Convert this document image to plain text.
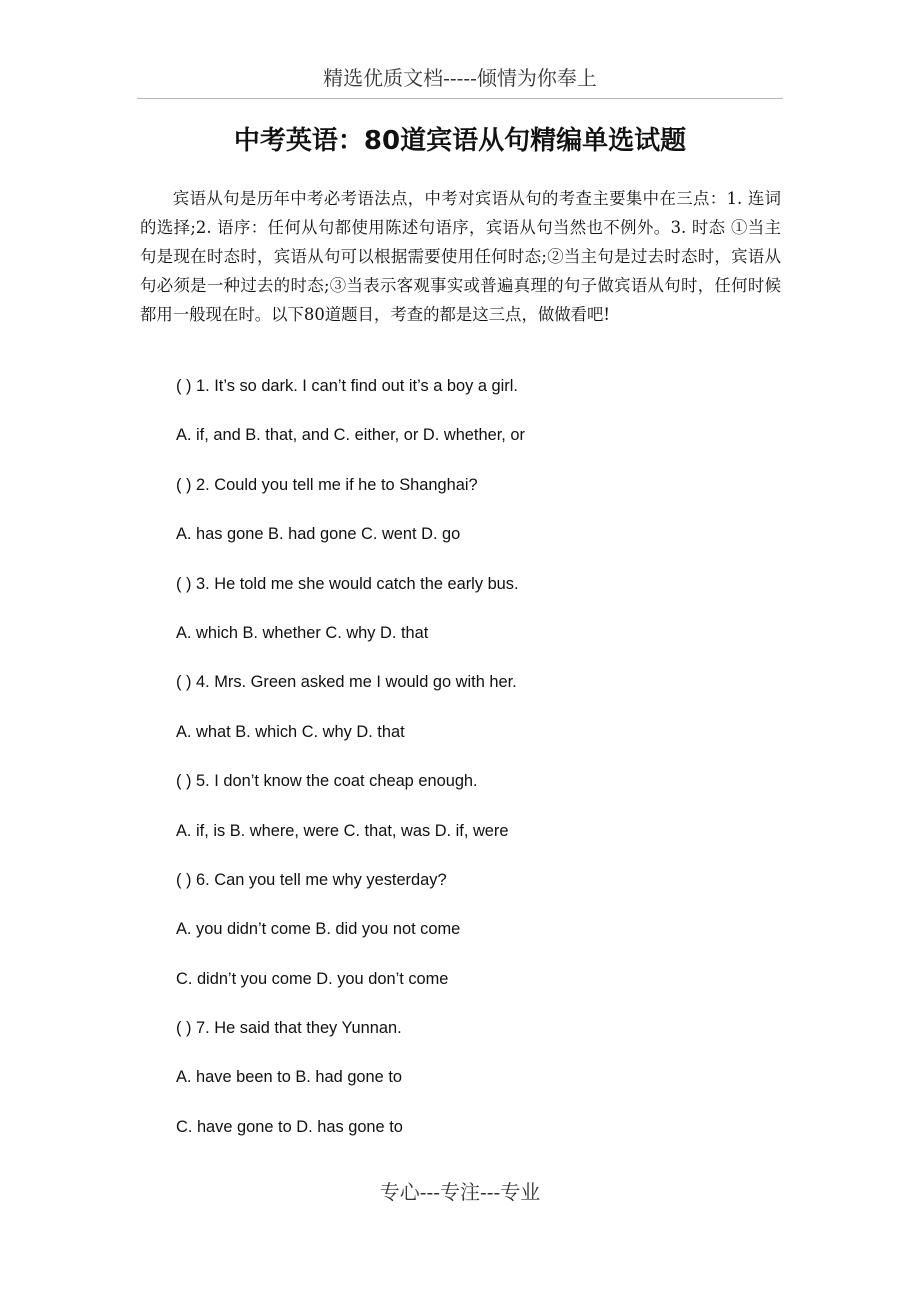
精选优质文档-----倾情为你奉上
中考英语：80道宾语从句精编单选试题

宾语从句是历年中考必考语法点，中考对宾语从句的考查主要集中在三点：1. 连词的选择;2. 语序：任何从句都使用陈述句语序，宾语从句当然也不例外。3. 时态 ①当主句是现在时态时，宾语从句可以根据需要使用任何时态;②当主句是过去时态时，宾语从句必须是一种过去的时态;③当表示客观事实或普遍真理的句子做宾语从句时，任何时候都用一般现在时。以下80道题目，考查的都是这三点，做做看吧!

( ) 1. It’s so dark. I can’t find out it’s a boy a girl.
A. if, and B. that, and C. either, or D. whether, or
( ) 2. Could you tell me if he to Shanghai?
A. has gone B. had gone C. went D. go
( ) 3. He told me she would catch the early bus.
A. which B. whether C. why D. that
( ) 4. Mrs. Green asked me I would go with her.
A. what B. which C. why D. that
( ) 5. I don’t know the coat cheap enough.
A. if, is B. where, were C. that, was D. if, were
( ) 6. Can you tell me why yesterday?
A. you didn’t come B. did you not come
C. didn’t you come D. you don’t come
( ) 7. He said that they Yunnan.
A. have been to B. had gone to
C. have gone to D. has gone to
专心---专注---专业
